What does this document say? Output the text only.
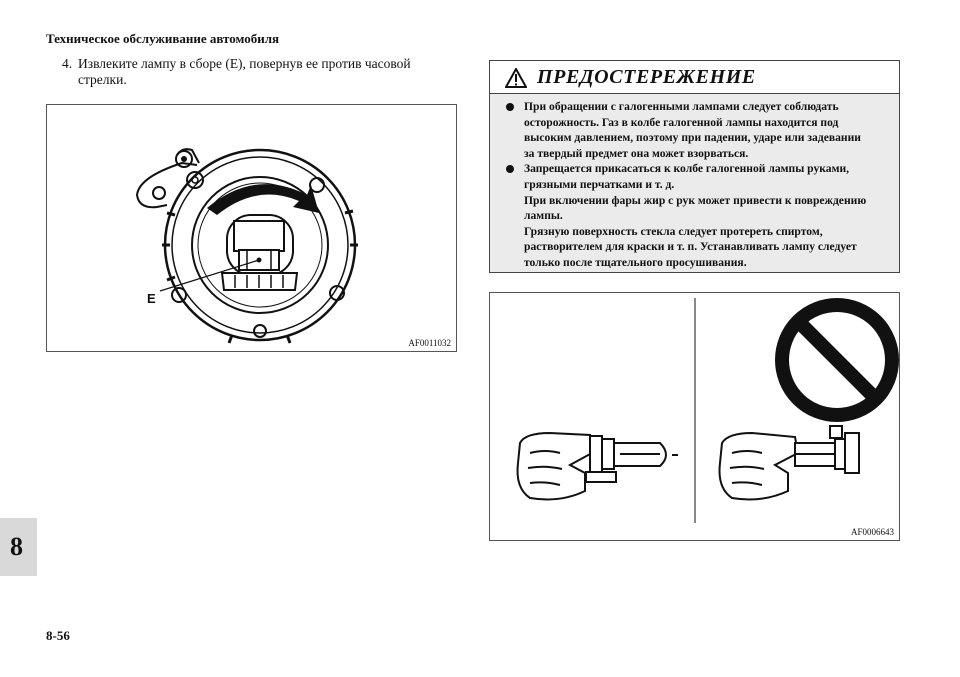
Техническое обслуживание автомобиля
4. Извлеките лампу в сборе (E), повернув ее против часовой
стрелки.
E
AF0011032
ПРЕДОСТЕРЕЖЕНИЕ
При обращении с галогенными лампами следует соблюдать
осторожность. Газ в колбе галогенной лампы находится под
высоким давлением, поэтому при падении, ударе или задевании
за твердый предмет она может взорваться.
Запрещается прикасаться к колбе галогенной лампы руками,
грязными перчатками и т. д.
При включении фары жир с рук может привести к повреждению
лампы.
Грязную поверхность стекла следует протереть спиртом,
растворителем для краски и т. п. Устанавливать лампу следует
только после тщательного просушивания.
AF0006643
8
8-56
